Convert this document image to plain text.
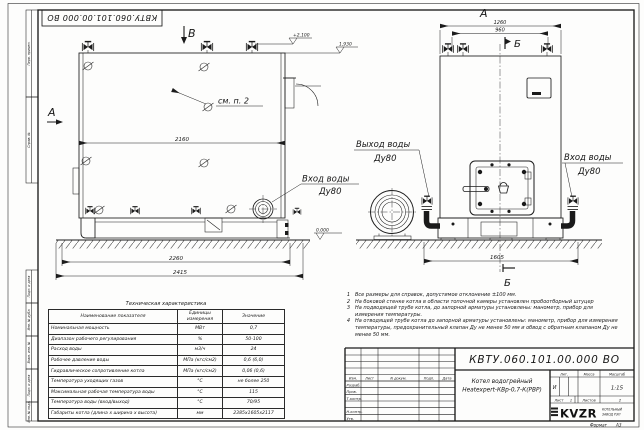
Перв. примен.
Справ. №
Подп. и дата
Инв. № дубл.
Взам. инв. №
Подп. и дата
Инв. № подл.
КВТУ.060.101.00.000 ВО
Формат А3
см. п. 2
В
А
2160
+2,100
1,930
Вход воды
Ду80
0.000
2260
2415
А
1260
960
Б
Выход воды
Ду80	Вход воды
Ду80
1605
Б
Изм. Лист	N докум.	Подп. Дата
Разраб.
Пров.
Т.контр.
Н.контр.
Утв.
КВТУ.060.101.00.000 ВО
Котел водогрейный
Heatexpert-КВр-0,7-К(РВР)
Лит.	Масса	Масштаб
И	1:15
Лист 1	Листов	2
KVZR КОТЕЛЬНЫЙ
ЗАВОД РЭП
1 Все размеры для справок, допустимое отклонение ±100 мм.
2 На боковой стенке котла в области топочной камеры установлен пробоотборный штуцер
3 На подводящей трубе котла, до запорной арматуры установлены: манометр, прибор для измерения температуры.
4 На отводящей трубе котла до запорной арматуры установлены: манометр, прибор для измерения температуры, предохранительный клапан Ду не менее 50 мм и обвод с обратным клапаном Ду не менее 50 мм.
Техническая характеристика
Наименование показателя	Единицы измерения	Значение
Номинальная мощность	МВт	0,7
Диапазон рабочего регулирования	%	50-100
Расход воды	м3/ч	24
Рабочее давление воды	МПа (кгс/см2)	0,6 (6,0)
Гидравлическое сопротивление котла	МПа (кгс/см2)	0,06 (0,6)
Температура уходящих газов	°С	не более 250
Максимальная рабочая температура воды	°С	115
Температура воды (вход/выход)	°С	70/95
Габариты котла (длина х ширина х высота)	мм	2385х1605х2117
